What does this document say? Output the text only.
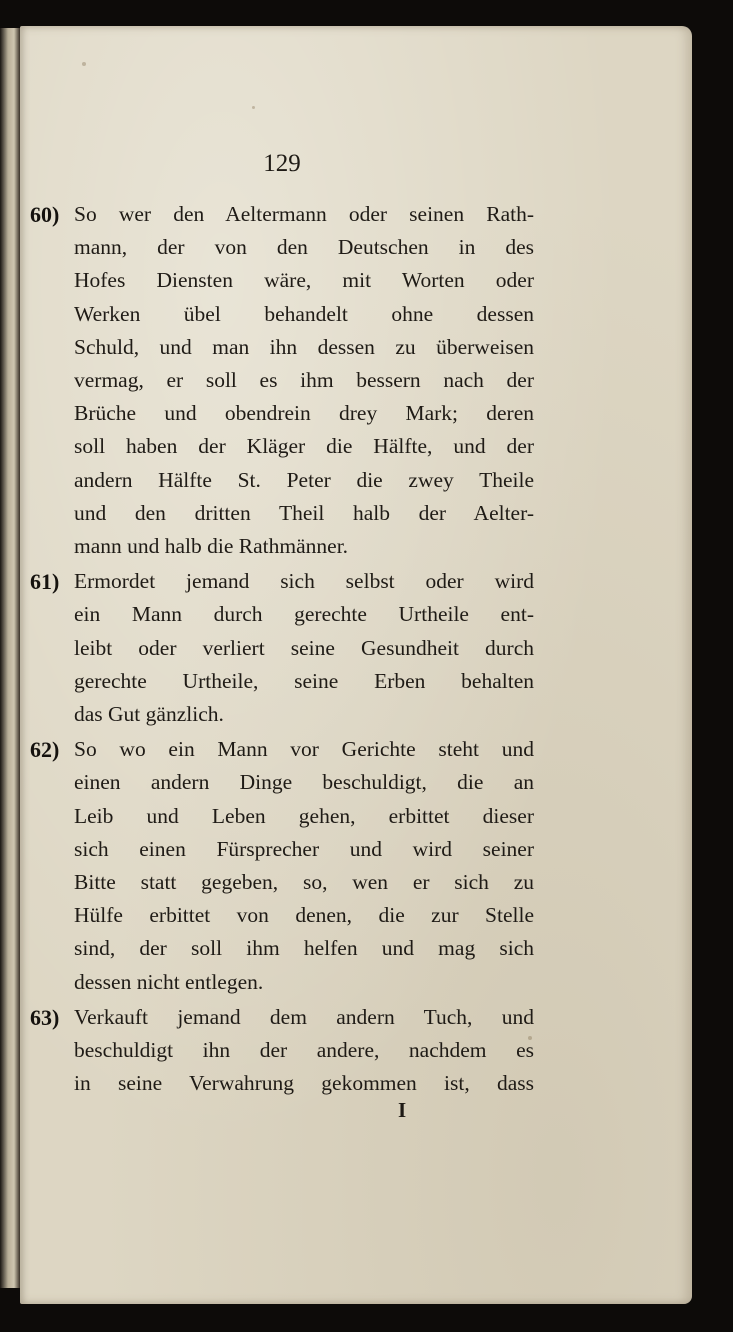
129
60) So wer den Aeltermann oder seinen Rath-
mann, der von den Deutschen in des
Hofes Diensten wäre, mit Worten oder
Werken übel behandelt ohne dessen
Schuld, und man ihn dessen zu überweisen
vermag, er soll es ihm bessern nach der
Brüche und obendrein drey Mark; deren
soll haben der Kläger die Hälfte, und der
andern Hälfte St. Peter die zwey Theile
und den dritten Theil halb der Aelter-
mann und halb die Rathmänner.
61) Ermordet jemand sich selbst oder wird
ein Mann durch gerechte Urtheile ent-
leibt oder verliert seine Gesundheit durch
gerechte Urtheile, seine Erben behalten
das Gut gänzlich.
62) So wo ein Mann vor Gerichte steht und
einen andern Dinge beschuldigt, die an
Leib und Leben gehen, erbittet dieser
sich einen Fürsprecher und wird seiner
Bitte statt gegeben, so, wen er sich zu
Hülfe erbittet von denen, die zur Stelle
sind, der soll ihm helfen und mag sich
dessen nicht entlegen.
63) Verkauft jemand dem andern Tuch, und
beschuldigt ihn der andere, nachdem es
in seine Verwahrung gekommen ist, dass
I
